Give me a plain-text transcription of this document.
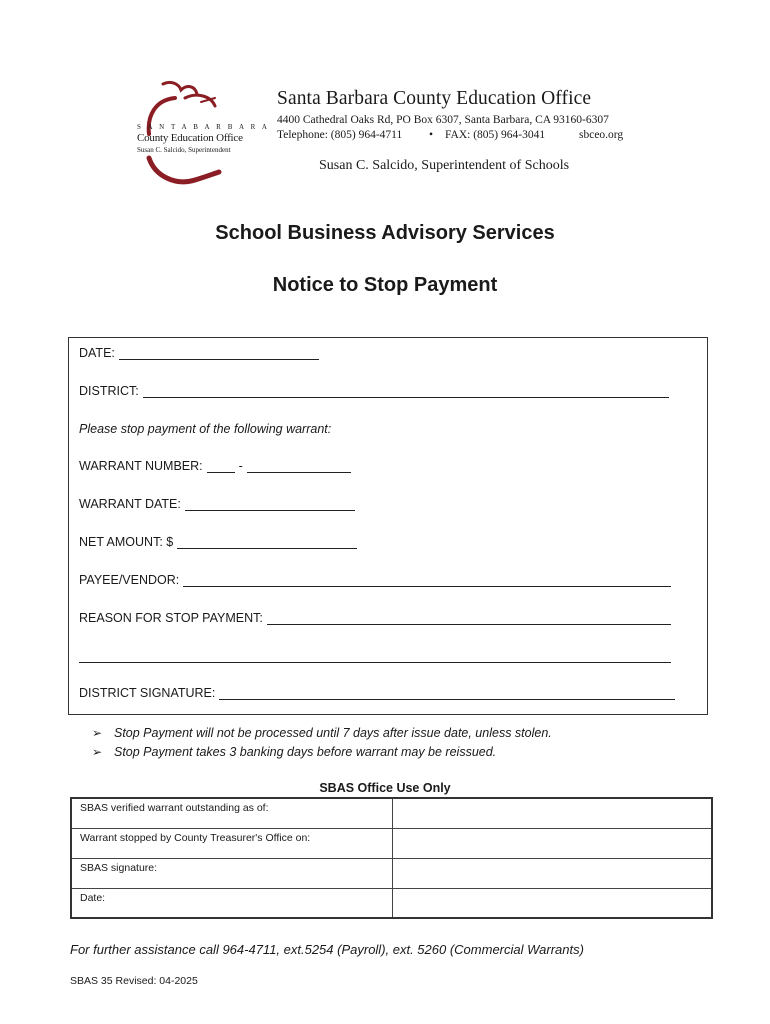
S A N T A B A R B A R A
County Education Office
Susan C. Salcido, Superintendent
Santa Barbara County Education Office
4400 Cathedral Oaks Rd, PO Box 6307, Santa Barbara, CA 93160-6307
Telephone: (805) 964-4711 • FAX: (805) 964-3041	sbceo.org
Susan C. Salcido, Superintendent of Schools
School Business Advisory Services
Notice to Stop Payment
DATE:
DISTRICT:
Please stop payment of the following warrant:
WARRANT NUMBER:	-
WARRANT DATE:
NET AMOUNT: $
PAYEE/VENDOR:
REASON FOR STOP PAYMENT:
DISTRICT SIGNATURE:
➢ Stop Payment will not be processed until 7 days after issue date, unless stolen.
➢ Stop Payment takes 3 banking days before warrant may be reissued.
SBAS Office Use Only
SBAS verified warrant outstanding as of:	
Warrant stopped by County Treasurer's Office on:	
SBAS signature:	
Date:	
For further assistance call 964-4711, ext.5254 (Payroll), ext. 5260 (Commercial Warrants)
SBAS 35 Revised: 04-2025
